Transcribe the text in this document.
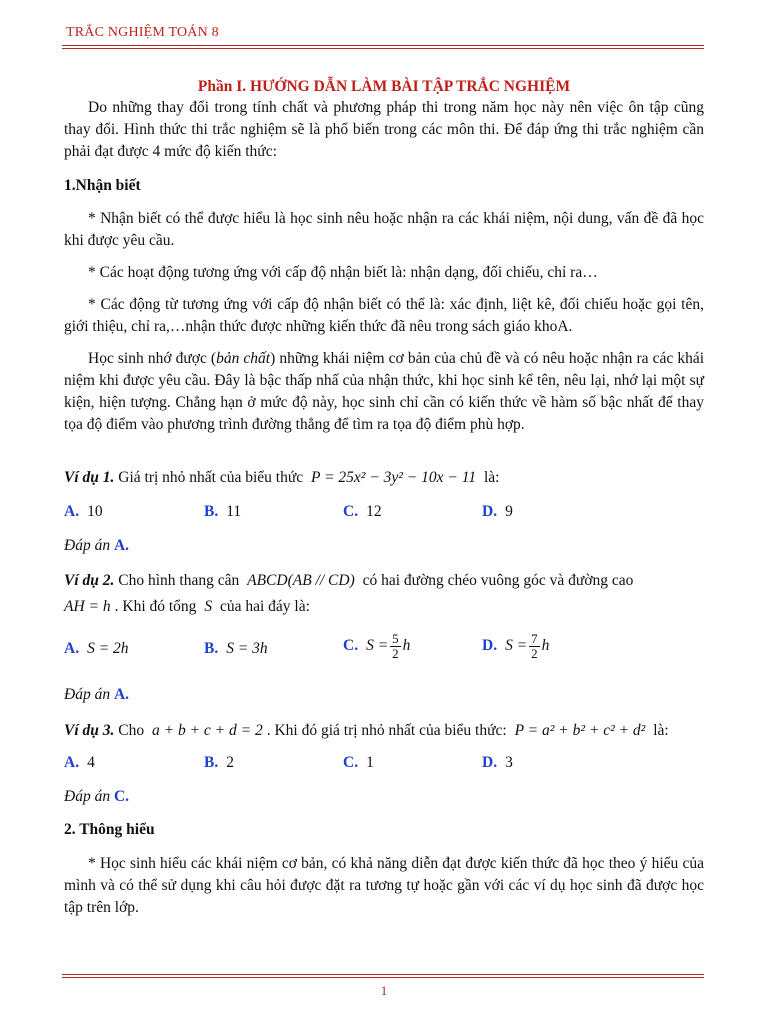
TRẮC NGHIỆM TOÁN 8
Phần I. HƯỚNG DẪN LÀM BÀI TẬP TRẮC NGHIỆM
Do những thay đổi trong tính chất và phương pháp thi trong năm học này nên việc ôn tập cũng thay đổi. Hình thức thi trắc nghiệm sẽ là phổ biến trong các môn thi. Để đáp ứng thi trắc nghiệm cần phải đạt được 4 mức độ kiến thức:
1.Nhận biết
* Nhận biết có thể được hiểu là học sinh nêu hoặc nhận ra các khái niệm, nội dung, vấn đề đã học khi được yêu cầu.
* Các hoạt động tương ứng với cấp độ nhận biết là: nhận dạng, đối chiếu, chỉ ra…
* Các động từ tương ứng với cấp độ nhận biết có thể là: xác định, liệt kê, đối chiếu hoặc gọi tên, giới thiệu, chỉ ra,…nhận thức được những kiến thức đã nêu trong sách giáo khoA.
Học sinh nhớ được (bản chất) những khái niệm cơ bản của chủ đề và có nêu hoặc nhận ra các khái niệm khi được yêu cầu. Đây là bậc thấp nhấ của nhận thức, khi học sinh kể tên, nêu lại, nhớ lại một sự kiện, hiện tượng. Chẳng hạn ở mức độ này, học sinh chỉ cần có kiến thức về hàm số bậc nhất để thay tọa độ điểm vào phương trình đường thẳng để tìm ra tọa độ điểm phù hợp.
Ví dụ 1. Giá trị nhỏ nhất của biểu thức P = 25x² − 3y² − 10x − 11 là:
A. 10	B. 11	C. 12	D. 9
Đáp án A.
Ví dụ 2. Cho hình thang cân ABCD(AB // CD) có hai đường chéo vuông góc và đường cao
AH = h . Khi đó tổng S của hai đáy là:
A. S = 2h	B. S = 3h	C. $S = \frac{5}{2}$ h	D. $S = \frac{7}{2}$ h
Đáp án A.
Ví dụ 3. Cho a + b + c + d = 2 . Khi đó giá trị nhỏ nhất của biểu thức: P = a² + b² + c² + d² là:
A. 4	B. 2	C. 1	D. 3
Đáp án C.
2. Thông hiểu
* Học sinh hiểu các khái niệm cơ bản, có khả năng diễn đạt được kiến thức đã học theo ý hiểu của mình và có thể sử dụng khi câu hỏi được đặt ra tương tự hoặc gần với các ví dụ học sinh đã được học tập trên lớp.
1
